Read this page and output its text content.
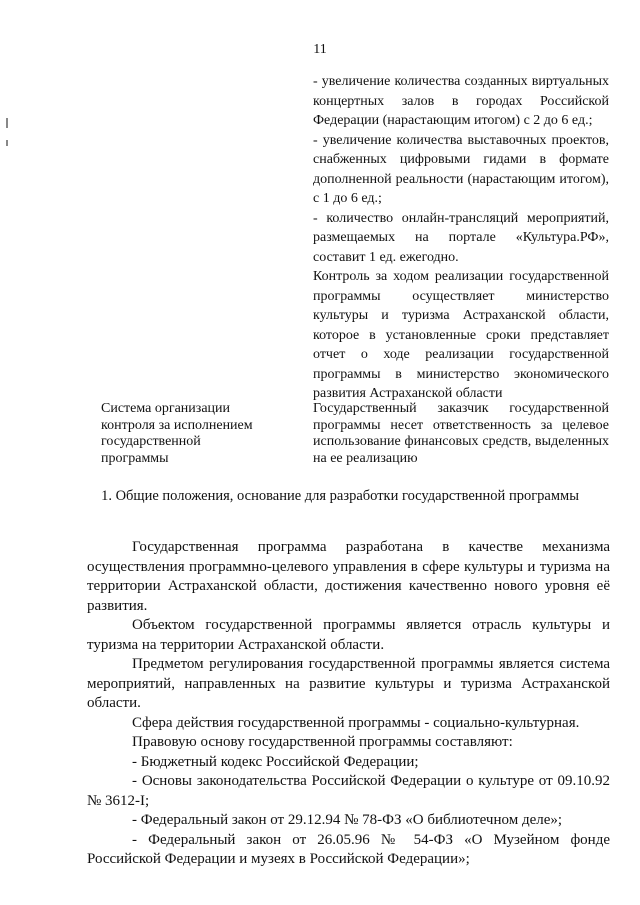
11

- увеличение количества созданных виртуальных концертных залов в городах Российской Федерации (нарастающим итогом) с 2 до 6 ед.;

- увеличение количества выставочных проектов, снабженных цифровыми гидами в формате дополненной реальности (нарастающим итогом), с 1 до 6 ед.;

- количество онлайн-трансляций мероприятий, размещаемых на портале «Культура.РФ», составит 1 ед. ежегодно.

Контроль за ходом реализации государственной программы осуществляет министерство культуры и туризма Астраханской области, которое в установленные сроки представляет отчет о ходе реализации государственной программы в министерство экономического развития Астраханской области

Система организации контроля за исполнением государственной программы
Государственный заказчик государственной программы несет ответственность за целевое использование финансовых средств, выделенных на ее реализацию
1. Общие положения, основание для разработки государственной программы

Государственная программа разработана в качестве механизма осуществления программно-целевого управления в сфере культуры и туризма на территории Астраханской области, достижения качественно нового уровня её развития.

Объектом государственной программы является отрасль культуры и туризма на территории Астраханской области.

Предметом регулирования государственной программы является система мероприятий, направленных на развитие культуры и туризма Астраханской области.

Сфера действия государственной программы - социально-культурная.

Правовую основу государственной программы составляют:

- Бюджетный кодекс Российской Федерации;

- Основы законодательства Российской Федерации о культуре от 09.10.92 № 3612-I;

- Федеральный закон от 29.12.94 № 78-ФЗ «О библиотечном деле»;

- Федеральный закон от 26.05.96 № 54-ФЗ «О Музейном фонде Российской Федерации и музеях в Российской Федерации»;
